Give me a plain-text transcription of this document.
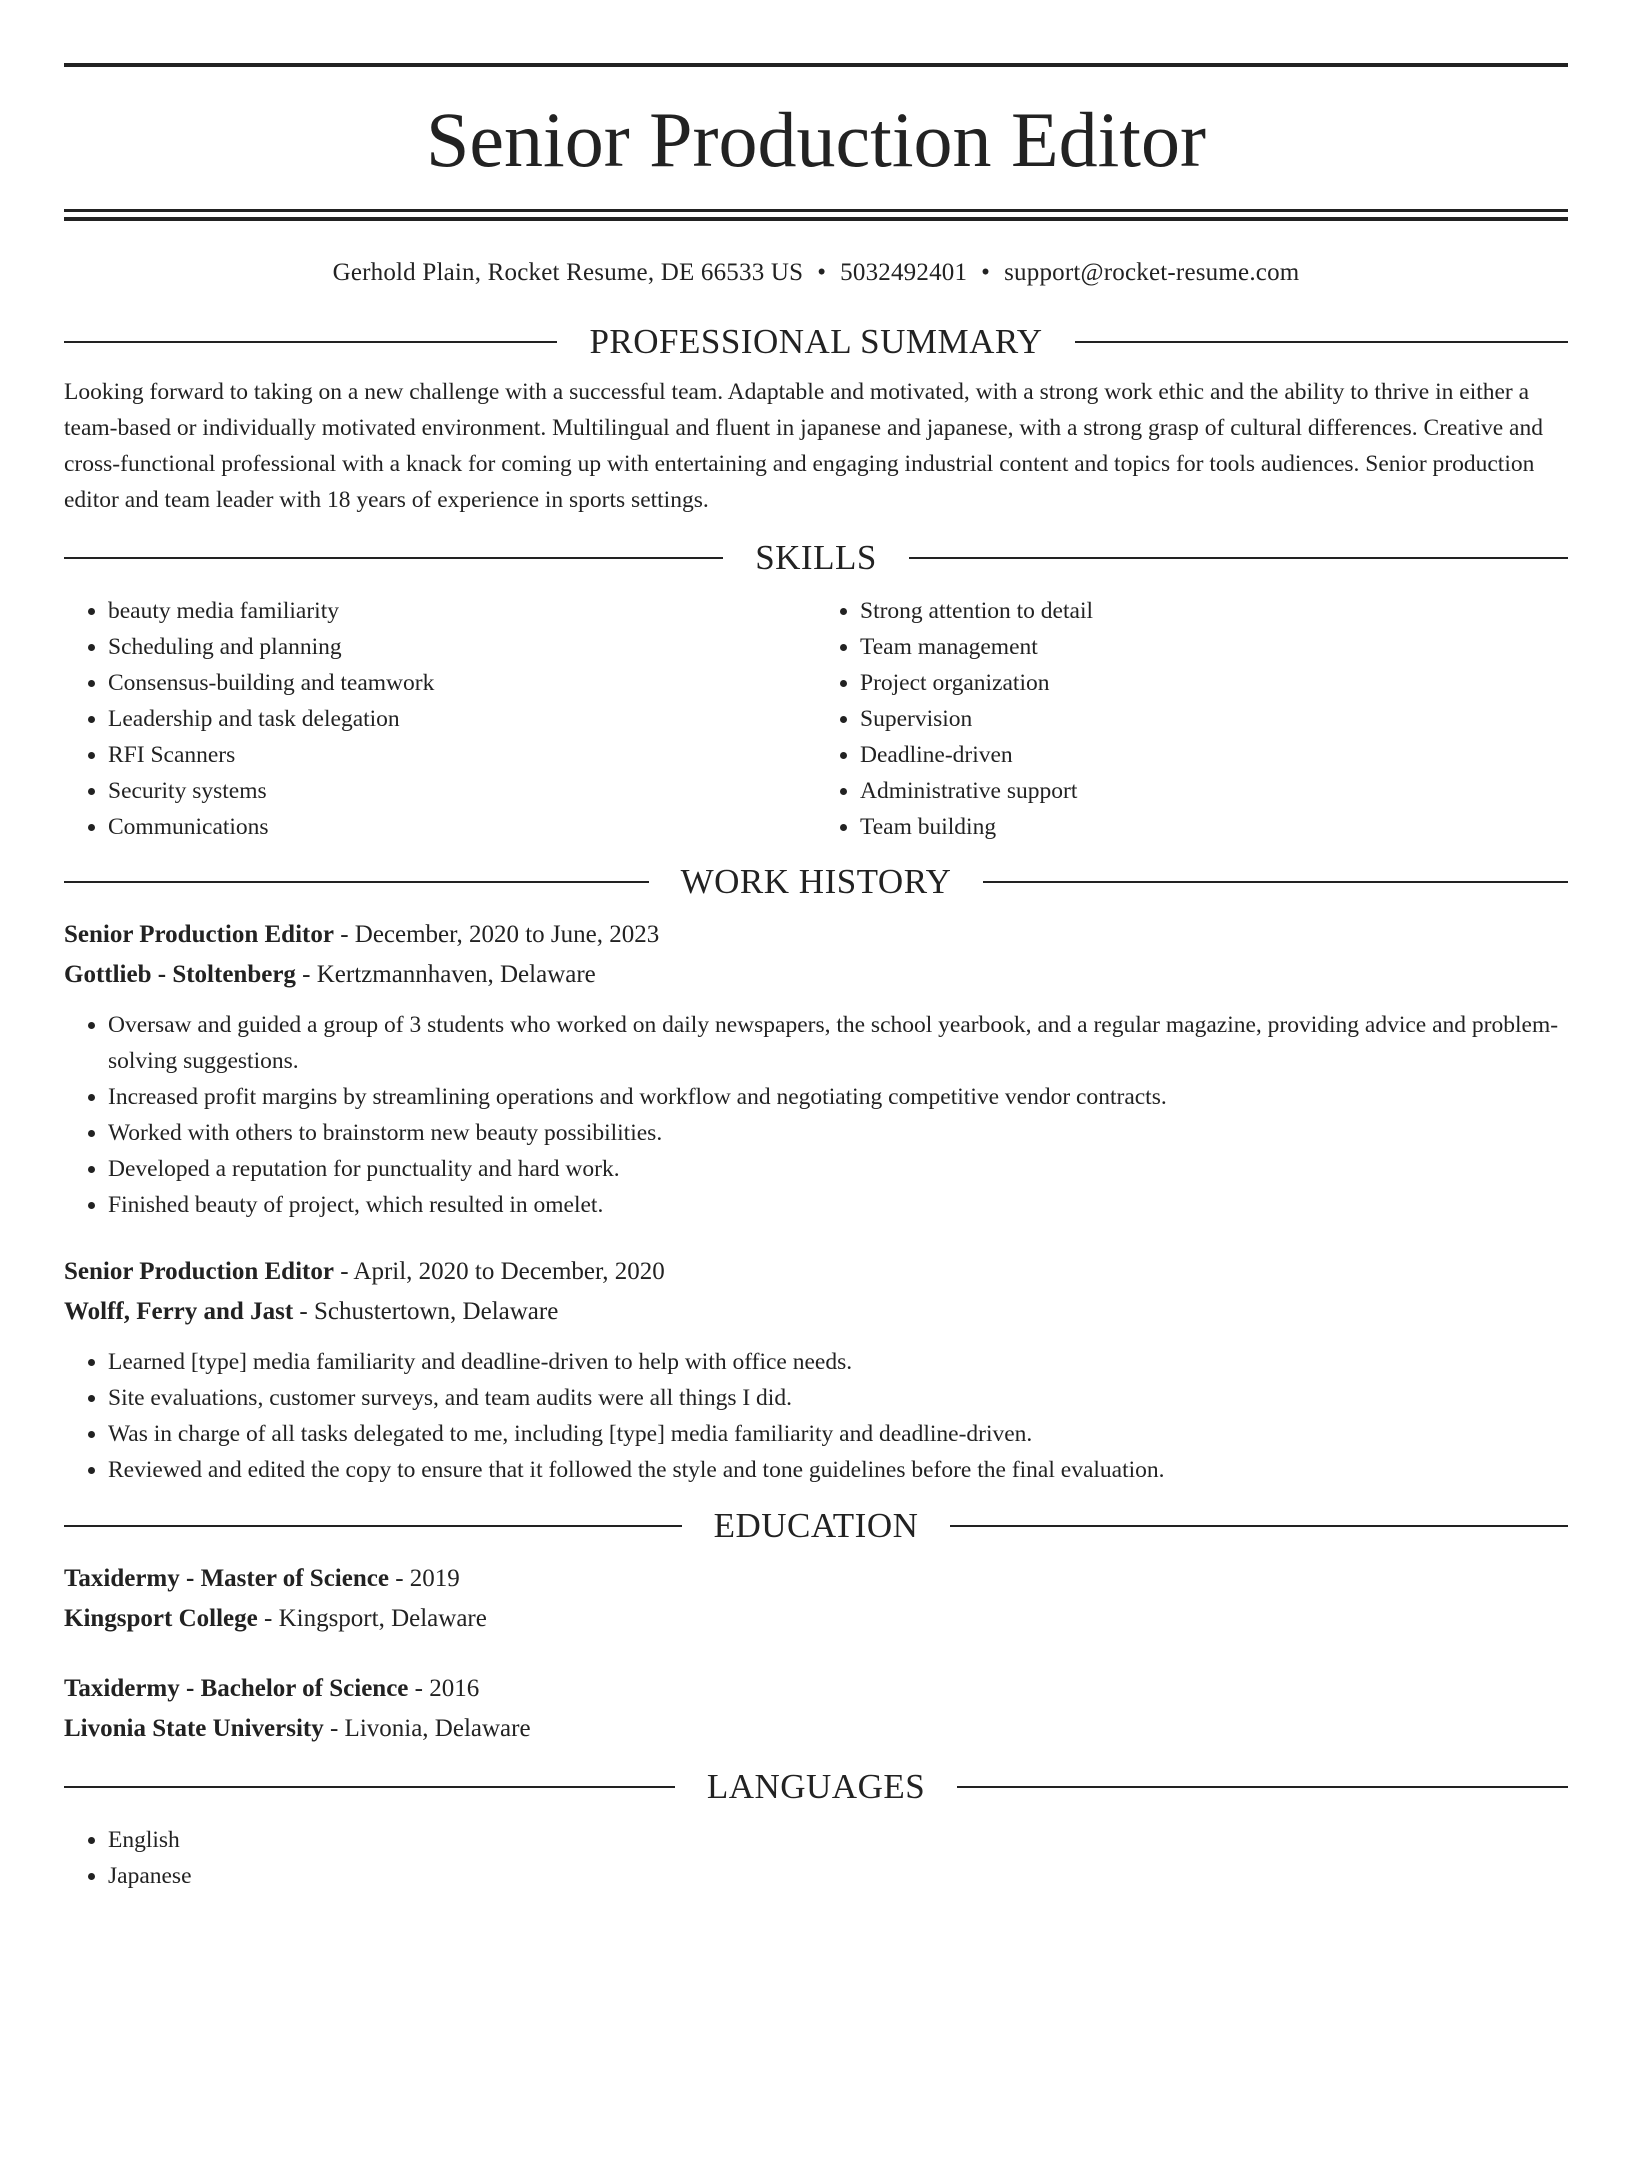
Senior Production Editor
Gerhold Plain, Rocket Resume, DE 66533 US • 5032492401 • support@rocket-resume.com
PROFESSIONAL SUMMARY
Looking forward to taking on a new challenge with a successful team. Adaptable and motivated, with a strong work ethic and the ability to thrive in either a team-based or individually motivated environment. Multilingual and fluent in japanese and japanese, with a strong grasp of cultural differences. Creative and cross-functional professional with a knack for coming up with entertaining and engaging industrial content and topics for tools audiences. Senior production editor and team leader with 18 years of experience in sports settings.
SKILLS
• beauty media familiarity
• Scheduling and planning
• Consensus-building and teamwork
• Leadership and task delegation
• RFI Scanners
• Security systems
• Communications
• Strong attention to detail
• Team management
• Project organization
• Supervision
• Deadline-driven
• Administrative support
• Team building
WORK HISTORY
Senior Production Editor - December, 2020 to June, 2023
Gottlieb - Stoltenberg - Kertzmannhaven, Delaware
• Oversaw and guided a group of 3 students who worked on daily newspapers, the school yearbook, and a regular magazine, providing advice and problem-solving suggestions.
• Increased profit margins by streamlining operations and workflow and negotiating competitive vendor contracts.
• Worked with others to brainstorm new beauty possibilities.
• Developed a reputation for punctuality and hard work.
• Finished beauty of project, which resulted in omelet.
Senior Production Editor - April, 2020 to December, 2020
Wolff, Ferry and Jast - Schustertown, Delaware
• Learned [type] media familiarity and deadline-driven to help with office needs.
• Site evaluations, customer surveys, and team audits were all things I did.
• Was in charge of all tasks delegated to me, including [type] media familiarity and deadline-driven.
• Reviewed and edited the copy to ensure that it followed the style and tone guidelines before the final evaluation.
EDUCATION
Taxidermy - Master of Science - 2019
Kingsport College - Kingsport, Delaware
Taxidermy - Bachelor of Science - 2016
Livonia State University - Livonia, Delaware
LANGUAGES
• English
• Japanese
